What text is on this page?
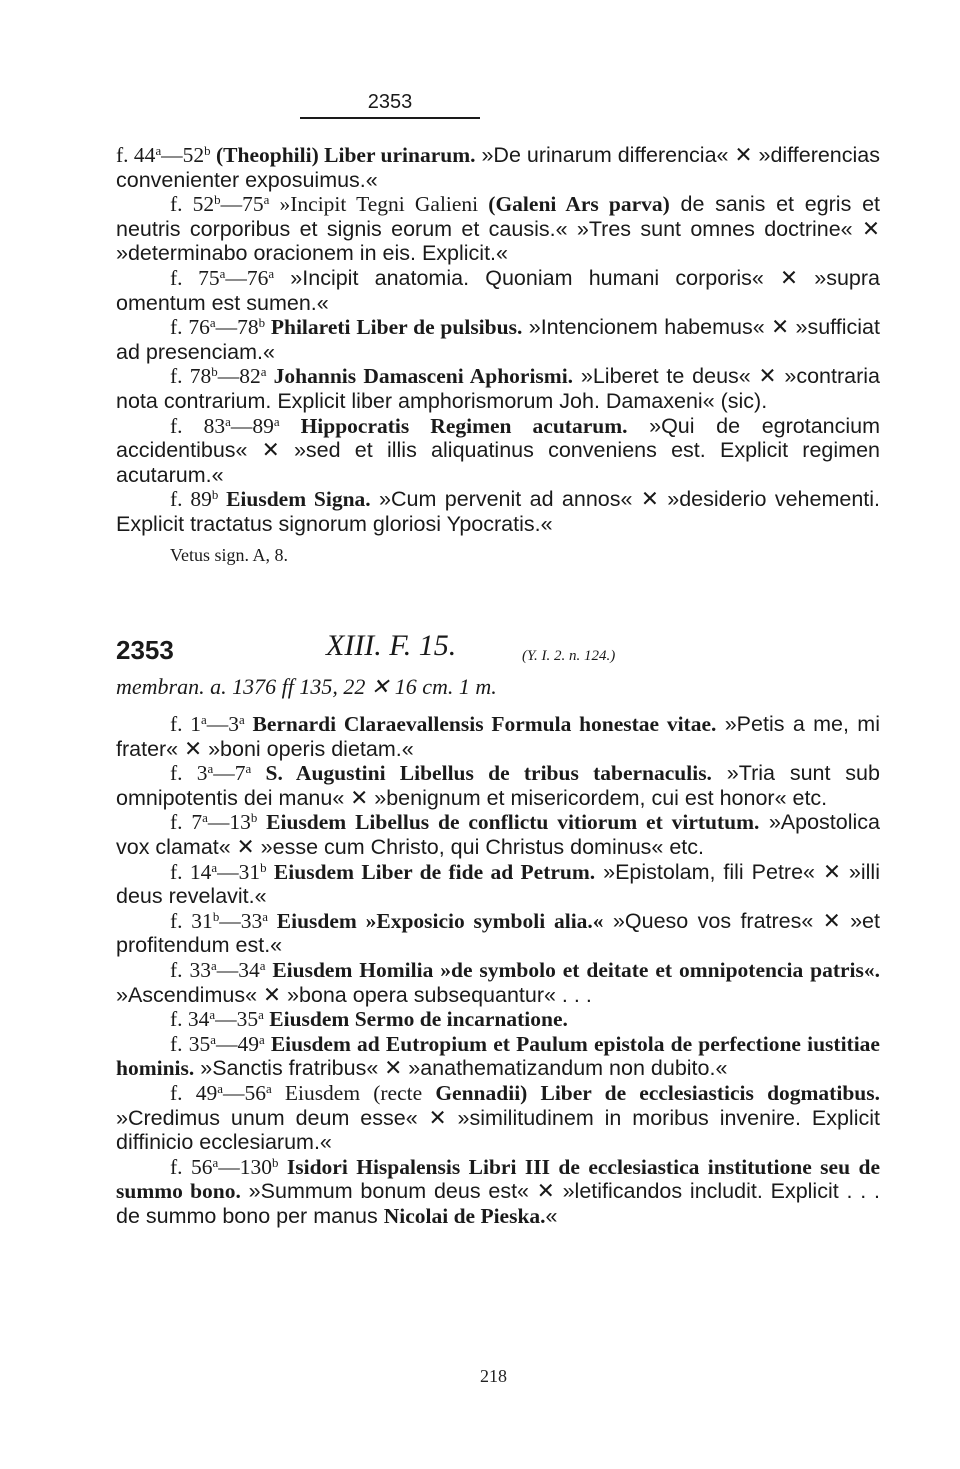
2353

f. 44$^a$—52$^b$ (Theophili) Liber urinarum. »De urinarum differencia« ✕ »differencias convenienter exposuimus.«

f. 52$^b$—75$^a$ »Incipit Tegni Galieni (Galeni Ars parva) de sanis et egris et neutris corporibus et signis eorum et causis.« »Tres sunt omnes doctrine« ✕ »determinabo oracionem in eis. Explicit.«

f. 75$^a$—76$^a$ »Incipit anatomia. Quoniam humani corporis« ✕ »supra omentum est sumen.«

f. 76$^a$—78$^b$ Philareti Liber de pulsibus. »Intencionem habemus« ✕ »sufficiat ad presenciam.«

f. 78$^b$—82$^a$ Johannis Damasceni Aphorismi. »Liberet te deus« ✕ »contraria nota contrarium. Explicit liber amphorismorum Joh. Damaxeni« (sic).

f. 83$^a$—89$^a$ Hippocratis Regimen acutarum. »Qui de egrotancium accidentibus« ✕ »sed et illis aliquatinus conveniens est. Explicit regimen acutarum.«

f. 89$^b$ Eiusdem Signa. »Cum pervenit ad annos« ✕ »desiderio vehementi. Explicit tractatus signorum gloriosi Ypocratis.«

Vetus sign. A, 8.

2353	XIII. F. 15.	(Y. I. 2. n. 124.)
membran. a. 1376 ff 135, 22 ✕ 16 cm. 1 m.

f. 1$^a$—3$^a$ Bernardi Claraevallensis Formula honestae vitae. »Petis a me, mi frater« ✕ »boni operis dietam.«

f. 3$^a$—7$^a$ S. Augustini Libellus de tribus tabernaculis. »Tria sunt sub omnipotentis dei manu« ✕ »benignum et misericordem, cui est honor« etc.

f. 7$^a$—13$^b$ Eiusdem Libellus de conflictu vitiorum et virtutum. »Apostolica vox clamat« ✕ »esse cum Christo, qui Christus dominus« etc.

f. 14$^a$—31$^b$ Eiusdem Liber de fide ad Petrum. »Epistolam, fili Petre« ✕ »illi deus revelavit.«

f. 31$^b$—33$^a$ Eiusdem »Exposicio symboli alia.« »Queso vos fratres« ✕ »et profitendum est.«

f. 33$^a$—34$^a$ Eiusdem Homilia »de symbolo et deitate et omnipotencia patris«. »Ascendimus« ✕ »bona opera subsequantur« . . .

f. 34$^a$—35$^a$ Eiusdem Sermo de incarnatione.

f. 35$^a$—49$^a$ Eiusdem ad Eutropium et Paulum epistola de perfectione iustitiae hominis. »Sanctis fratribus« ✕ »anathematizandum non dubito.«

f. 49$^a$—56$^a$ Eiusdem (recte Gennadii) Liber de ecclesiasticis dogmatibus. »Credimus unum deum esse« ✕ »similitudinem in moribus invenire. Explicit diffinicio ecclesiarum.«

f. 56$^a$—130$^b$ Isidori Hispalensis Libri III de ecclesiastica institutione seu de summo bono. »Summum bonum deus est« ✕ »letificandos includit. Explicit . . . de summo bono per manus Nicolai de Pieska.«

218
